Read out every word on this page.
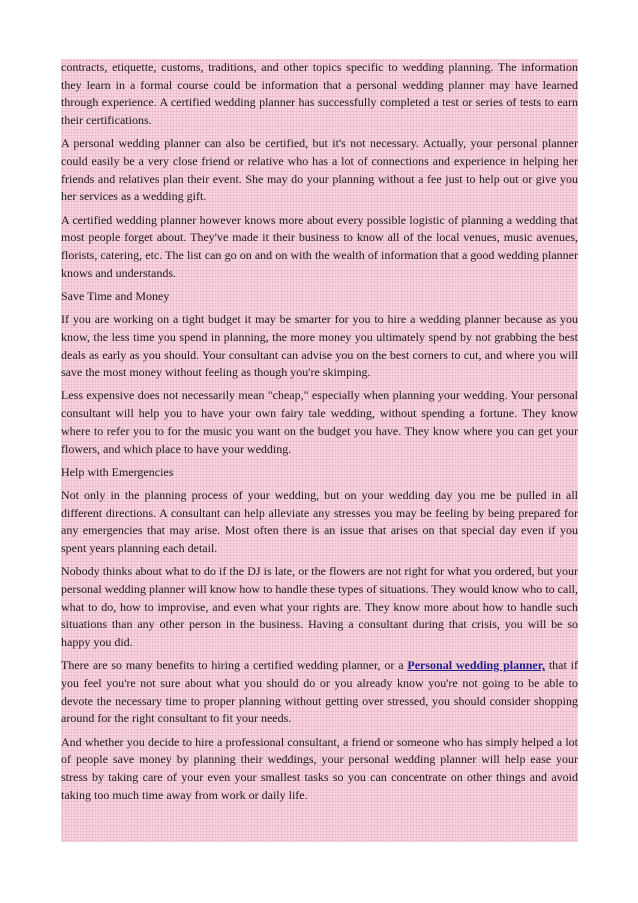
contracts, etiquette, customs, traditions, and other topics specific to wedding planning. The information they learn in a formal course could be information that a personal wedding planner may have learned through experience. A certified wedding planner has successfully completed a test or series of tests to earn their certifications.

A personal wedding planner can also be certified, but it's not necessary. Actually, your personal planner could easily be a very close friend or relative who has a lot of connections and experience in helping her friends and relatives plan their event. She may do your planning without a fee just to help out or give you her services as a wedding gift.

A certified wedding planner however knows more about every possible logistic of planning a wedding that most people forget about. They've made it their business to know all of the local venues, music avenues, florists, catering, etc. The list can go on and on with the wealth of information that a good wedding planner knows and understands.

Save Time and Money

If you are working on a tight budget it may be smarter for you to hire a wedding planner because as you know, the less time you spend in planning, the more money you ultimately spend by not grabbing the best deals as early as you should. Your consultant can advise you on the best corners to cut, and where you will save the most money without feeling as though you're skimping.

Less expensive does not necessarily mean "cheap," especially when planning your wedding. Your personal consultant will help you to have your own fairy tale wedding, without spending a fortune. They know where to refer you to for the music you want on the budget you have. They know where you can get your flowers, and which place to have your wedding.

Help with Emergencies

Not only in the planning process of your wedding, but on your wedding day you me be pulled in all different directions. A consultant can help alleviate any stresses you may be feeling by being prepared for any emergencies that may arise. Most often there is an issue that arises on that special day even if you spent years planning each detail.

Nobody thinks about what to do if the DJ is late, or the flowers are not right for what you ordered, but your personal wedding planner will know how to handle these types of situations. They would know who to call, what to do, how to improvise, and even what your rights are. They know more about how to handle such situations than any other person in the business. Having a consultant during that crisis, you will be so happy you did.

There are so many benefits to hiring a certified wedding planner, or a Personal wedding planner, that if you feel you're not sure about what you should do or you already know you're not going to be able to devote the necessary time to proper planning without getting over stressed, you should consider shopping around for the right consultant to fit your needs.

And whether you decide to hire a professional consultant, a friend or someone who has simply helped a lot of people save money by planning their weddings, your personal wedding planner will help ease your stress by taking care of your even your smallest tasks so you can concentrate on other things and avoid taking too much time away from work or daily life.
